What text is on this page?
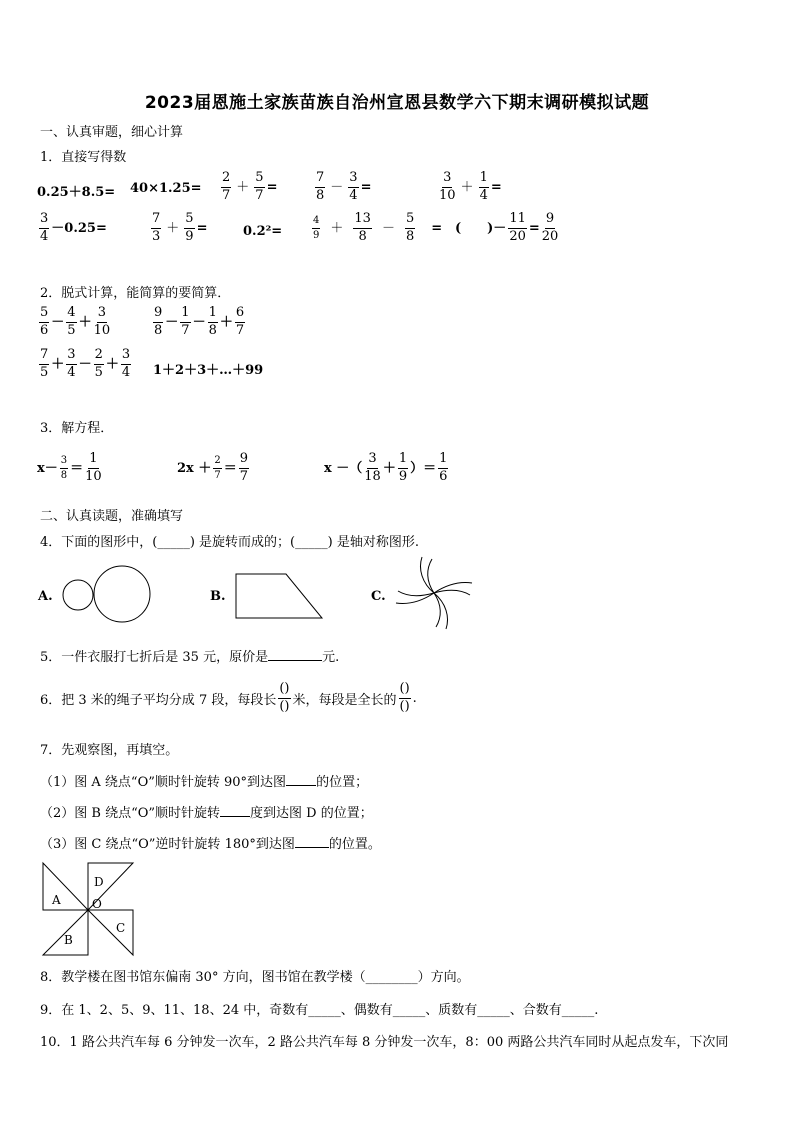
2023届恩施土家族苗族自治州宣恩县数学六下期末调研模拟试题
一、认真审题，细心计算
1．直接写得数
$0.25+8.5= 40\times 1.25= \frac{2}{7} + \frac{5}{7}$ =	$\frac{7}{8} - \frac{3}{4}$ =	$\frac{3}{10} + \frac{1}{4}$ =
$\frac{3}{4} -0.25=$	$\frac{7}{3} + \frac{5}{9}$ =	0.2²=	$\frac{4}{9} + \frac{13}{8} - \frac{5}{8}$ = (　　)－ $\frac{11}{20} = \frac{9}{20}$
2．脱式计算，能简算的要简算．
$\frac{5}{6} - \frac{4}{5} + \frac{3}{10}$	$\frac{9}{8} - \frac{1}{7} - \frac{1}{8} + \frac{6}{7}$
$\frac{7}{5} + \frac{3}{4} - \frac{2}{5} + \frac{3}{4}$ 1＋2＋3＋…＋99
3．解方程．
$x- \frac{3}{8} = \frac{1}{10}$	$2x + \frac{2}{7} = \frac{9}{7}$	x －（ $\frac{3}{18} + \frac{1}{9}$ ）＝ $\frac{1}{6}$
二、认真读题，准确填写
4．下面的图形中，(_____) 是旋转而成的；(_____) 是轴对称图形.
A.	B.	C.
5．一件衣服打七折后是 35 元，原价是	元.
6．把 3 米的绳子平均分成 7 段，每段长 $\frac{()}{()}$ 米，每段是全长的 $\frac{()}{()}$ .
7．先观察图，再填空。
（1）图 A 绕点“O”顺时针旋转 90°到达图 的位置；
（2）图 B 绕点“O”顺时针旋转 度到达图 D 的位置；
（3）图 C 绕点“O”逆时针旋转 180°到达图	的位置。
A
B
C
D
O
8．教学楼在图书馆东偏南 30° 方向，图书馆在教学楼（________）方向。
9．在 1、2、5、9、11、18、24 中，奇数有_____、偶数有_____、质数有_____、合数有_____.
10．1 路公共汽车每 6 分钟发一次车，2 路公共汽车每 8 分钟发一次车，8：00 两路公共汽车同时从起点发车，下次同
